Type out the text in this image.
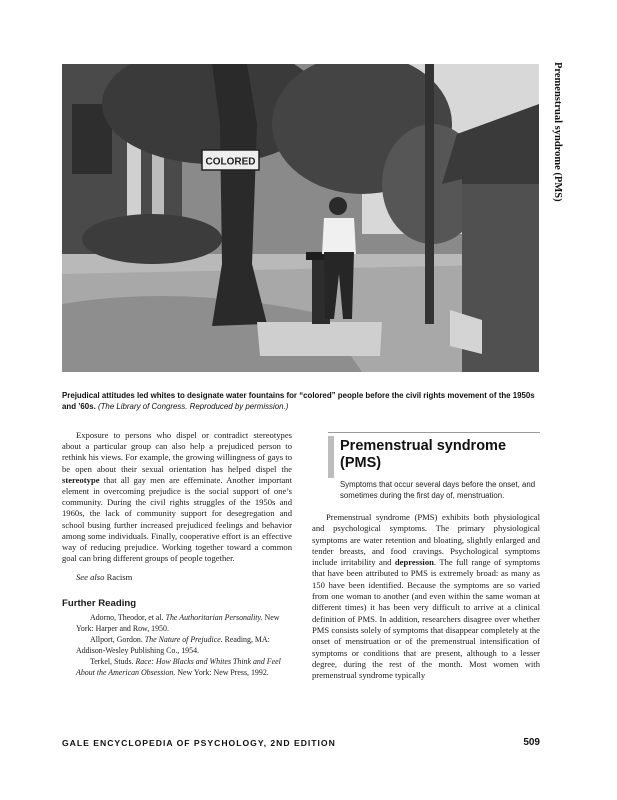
Premenstrual syndrome (PMS)
COLORED
Prejudical attitudes led whites to designate water fountains for “colored” people before the civil rights movement of the 1950s and ’60s. (The Library of Congress. Reproduced by permission.)

Exposure to persons who dispel or contradict stereotypes about a particular group can also help a prejudiced person to rethink his views. For example, the growing willingness of gays to be open about their sexual orientation has helped dispel the stereotype that all gay men are effeminate. Another important element in overcoming prejudice is the social support of one’s community. During the civil rights struggles of the 1950s and 1960s, the lack of community support for desegregation and school busing further increased prejudiced feelings and behavior among some individuals. Finally, cooperative effort is an effective way of reducing prejudice. Working together toward a common goal can bring different groups of people together.

See also Racism
Further Reading

Adorno, Theodor, et al. The Authoritarian Personality. New York: Harper and Row, 1950.

Allport, Gordon. The Nature of Prejudice. Reading, MA: Addison-Wesley Publishing Co., 1954.

Terkel, Studs. Race: How Blacks and Whites Think and Feel About the American Obsession. New York: New Press, 1992.

Premenstrual syndrome (PMS)
Symptoms that occur several days before the onset, and sometimes during the first day of, menstruation.

Premenstrual syndrome (PMS) exhibits both physiological and psychological symptoms. The primary physiological symptoms are water retention and bloating, slightly enlarged and tender breasts, and food cravings. Psychological symptoms include irritability and depression. The full range of symptoms that have been attributed to PMS is extremely broad: as many as 150 have been identified. Because the symptoms are so varied from one woman to another (and even within the same woman at different times) it has been very difficult to arrive at a clinical definition of PMS. In addition, researchers disagree over whether PMS consists solely of symptoms that disappear completely at the onset of menstruation or of the premenstrual intensification of symptoms or conditions that are present, although to a lesser degree, during the rest of the month. Most women with premenstrual syndrome typically

GALE ENCYCLOPEDIA OF PSYCHOLOGY, 2ND EDITION	509
